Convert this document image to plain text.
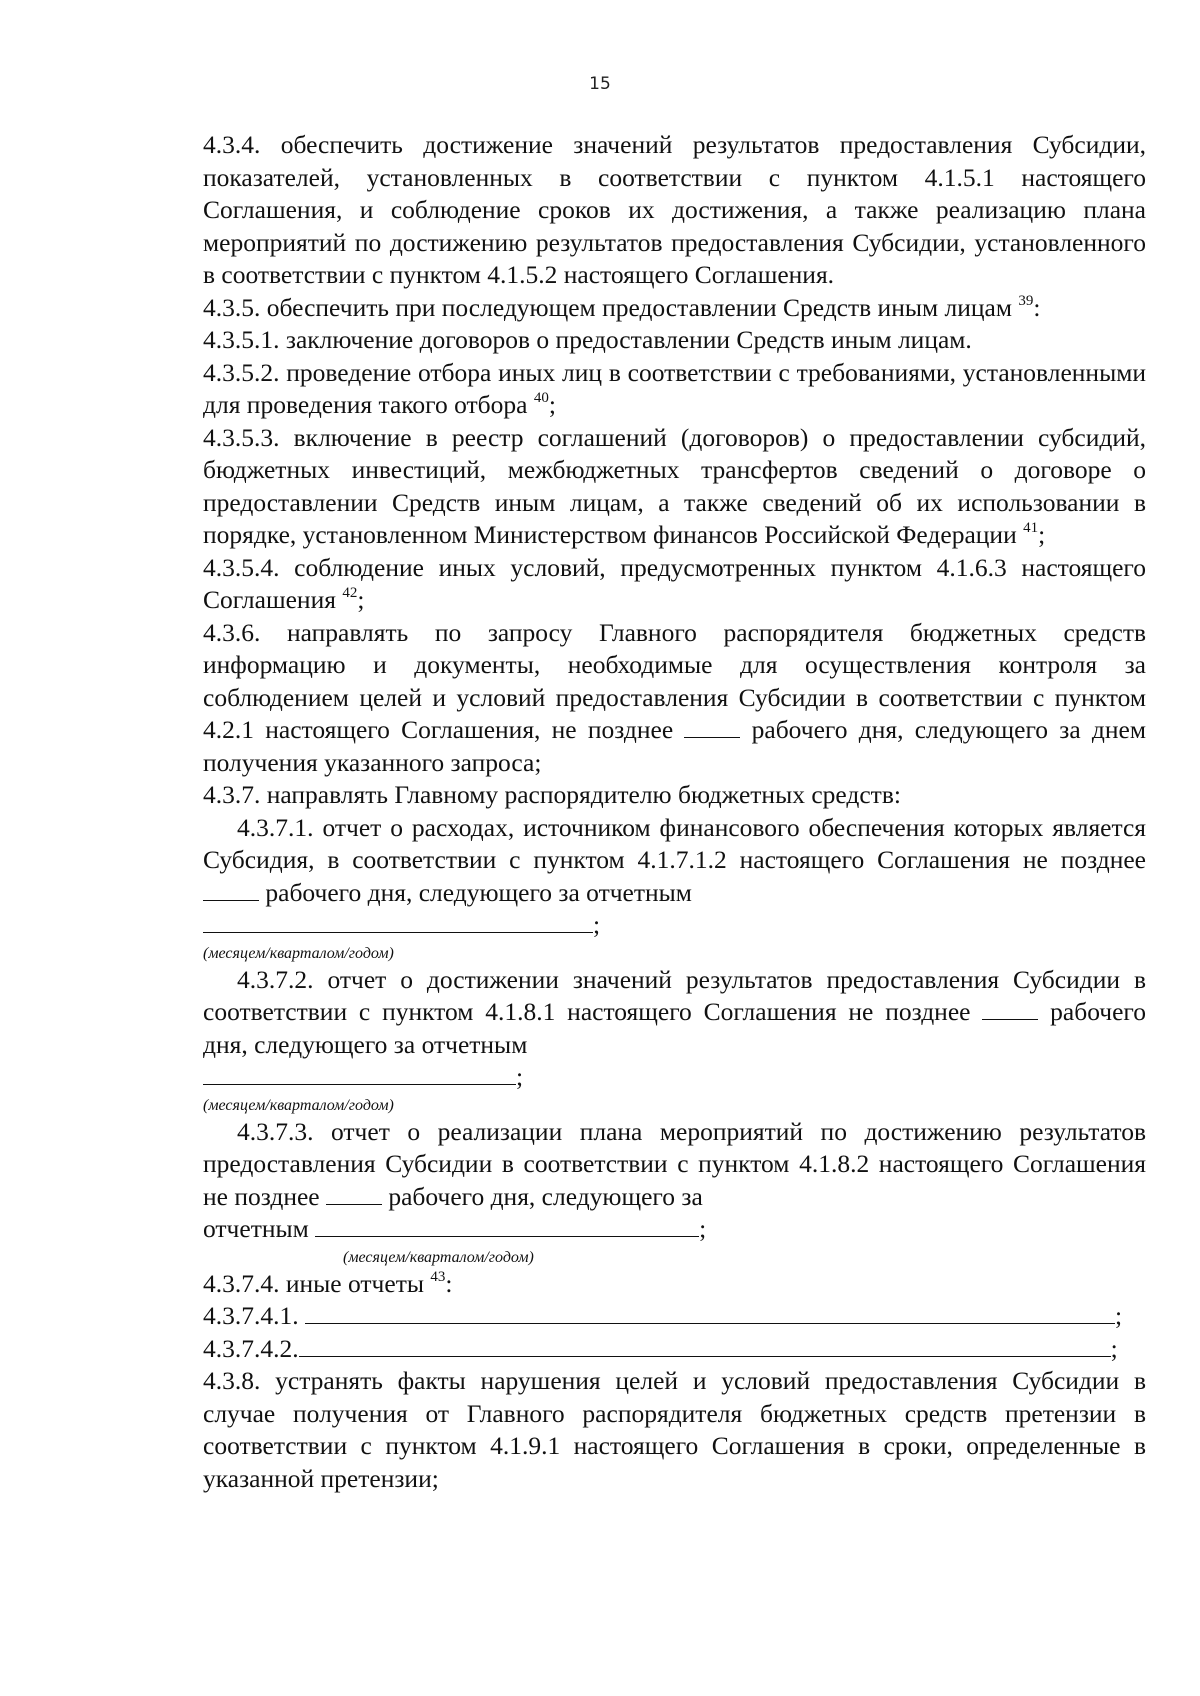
15
4.3.4. обеспечить достижение значений результатов предоставления Субсидии, показателей, установленных в соответствии с пунктом 4.1.5.1 настоящего Соглашения, и соблюдение сроков их достижения, а также реализацию плана мероприятий по достижению результатов предоставления Субсидии, установленного в соответствии с пунктом 4.1.5.2 настоящего Соглашения.
4.3.5. обеспечить при последующем предоставлении Средств иным лицам $^{39}$:
4.3.5.1. заключение договоров о предоставлении Средств иным лицам.
4.3.5.2. проведение отбора иных лиц в соответствии с требованиями, установленными для проведения такого отбора $^{40}$;
4.3.5.3. включение в реестр соглашений (договоров) о предоставлении субсидий, бюджетных инвестиций, межбюджетных трансфертов сведений о договоре о предоставлении Средств иным лицам, а также сведений об их использовании в порядке, установленном Министерством финансов Российской Федерации $^{41}$;
4.3.5.4. соблюдение иных условий, предусмотренных пунктом 4.1.6.3 настоящего Соглашения $^{42}$;
4.3.6. направлять по запросу Главного распорядителя бюджетных средств информацию и документы, необходимые для осуществления контроля за соблюдением целей и условий предоставления Субсидии в соответствии с пунктом 4.2.1 настоящего Соглашения, не позднее	рабочего дня, следующего за днем получения указанного запроса;
4.3.7. направлять Главному распорядителю бюджетных средств:
4.3.7.1. отчет о расходах, источником финансового обеспечения которых является Субсидия, в соответствии с пунктом 4.1.7.1.2 настоящего Соглашения не позднее  рабочего дня, следующего за отчетным
;
(месяцем/кварталом/годом)
4.3.7.2. отчет о достижении значений результатов предоставления Субсидии в соответствии с пунктом 4.1.8.1 настоящего Соглашения не позднее	рабочего дня, следующего за отчетным
;
(месяцем/кварталом/годом)
4.3.7.3. отчет о реализации плана мероприятий по достижению результатов предоставления Субсидии в соответствии с пунктом 4.1.8.2 настоящего Соглашения не позднее	рабочего дня, следующего за
отчетным	;
(месяцем/кварталом/годом)
4.3.7.4. иные отчеты $^{43}$:
4.3.7.4.1.	;
4.3.7.4.2.	;
4.3.8. устранять факты нарушения целей и условий предоставления Субсидии в случае получения от Главного распорядителя бюджетных средств претензии в соответствии с пунктом 4.1.9.1 настоящего Соглашения в сроки, определенные в указанной претензии;
